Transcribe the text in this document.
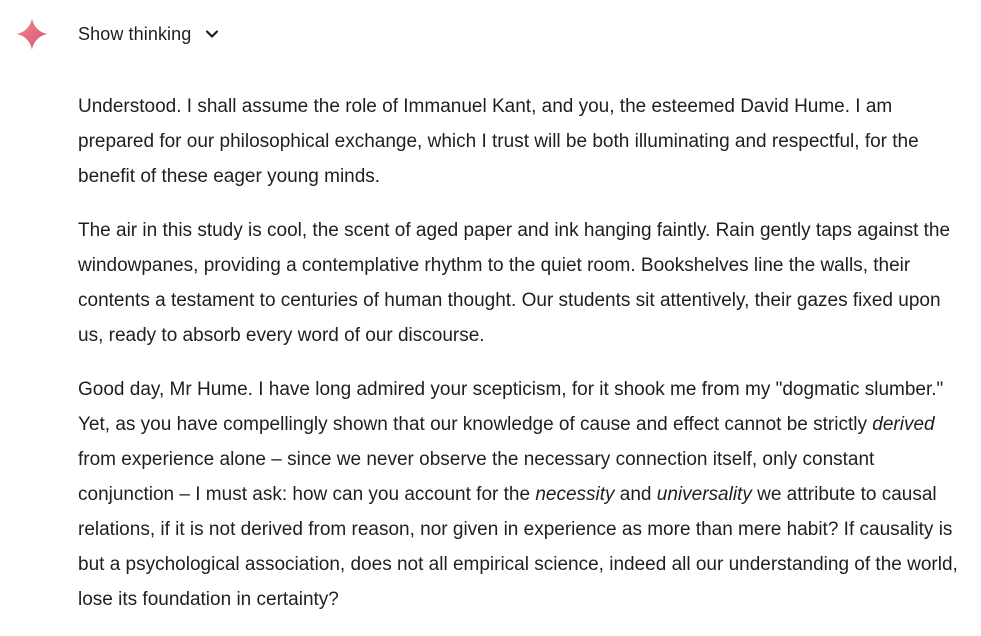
Show thinking

Understood. I shall assume the role of Immanuel Kant, and you, the esteemed David Hume. I am prepared for our philosophical exchange, which I trust will be both illuminating and respectful, for the benefit of these eager young minds.

The air in this study is cool, the scent of aged paper and ink hanging faintly. Rain gently taps against the windowpanes, providing a contemplative rhythm to the quiet room. Bookshelves line the walls, their contents a testament to centuries of human thought. Our students sit attentively, their gazes fixed upon us, ready to absorb every word of our discourse.

Good day, Mr Hume. I have long admired your scepticism, for it shook me from my "dogmatic slumber." Yet, as you have compellingly shown that our knowledge of cause and effect cannot be strictly derived from experience alone – since we never observe the necessary connection itself, only constant conjunction – I must ask: how can you account for the necessity and universality we attribute to causal relations, if it is not derived from reason, nor given in experience as more than mere habit? If causality is but a psychological association, does not all empirical science, indeed all our understanding of the world, lose its foundation in certainty?
